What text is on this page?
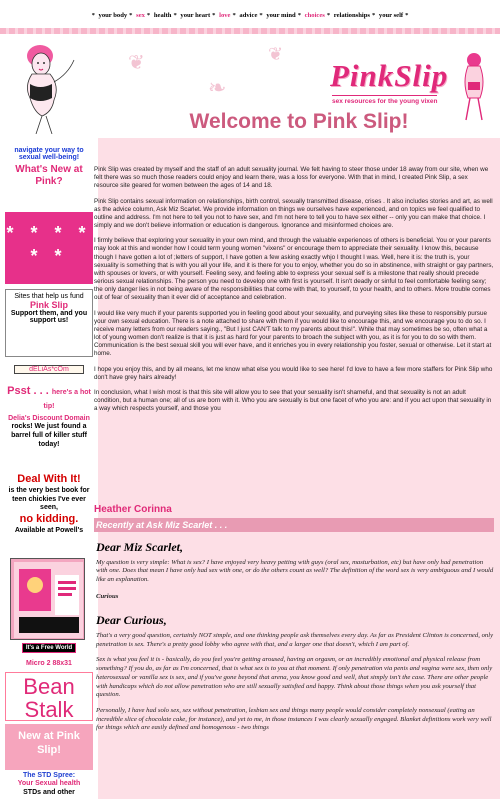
* your body * sex * health * your heart * love * advice * your mind * choices * relationships * your self *
navigate your way to sexual well-being!
What's New at Pink?
* * * *
* *
Sites that help us fund
Pink Slip
Support them, and you support us!
dELiAs*cOm
Psst . . . here's a hot tip!
Delia's Discount Domain rocks! We just found a barrel full of killer stuff today!
Deal With It!
is the very best book for teen chickies I've ever seen,
no kidding.
Available at Powell's
It's a Free World
Micro 2 88x31
Bean Stalk
New at Pink Slip!
The STD Spree:
Your Sexual health
STDs and other
❦
❧
❦
PinkSlip
sex resources for the young vixen
Welcome to Pink Slip!

Pink Slip was created by myself and the staff of an adult sexuality journal. We felt having to steer those under 18 away from our site, when we felt there was so much those readers could enjoy and learn there, was a loss for everyone. With that in mind, I created Pink Slip, a sex resource site geared for women between the ages of 14 and 18.

Pink Slip contains sexual information on relationships, birth control, sexually transmitted disease, crises . It also includes stories and art, as well as the advice column, Ask Miz Scarlet. We provide information on things we ourselves have experienced, and on topics we feel qualified to outline and address. I'm not here to tell you not to have sex, and I'm not here to tell you to have sex either -- only you can make that choice. I simply and we don't believe information or education is dangerous. Ignorance and misinformed choices are.

I firmly believe that exploring your sexuality in your own mind, and through the valuable experiences of others is beneficial. You or your parents may look at this and wonder how I could term young women "vixens" or encourage them to appreciate their sexuality. I know this, because though I have gotten a lot of ;letters of support, I have gotten a few asking exactly whjo I thought I was. Well, here it is: the truth is, your sexuality is something that is with you all your life, and it is there for you to enjoy, whether you do so in abstinence, with straight or gay partners, with spouses or lovers, or with yourself. Feeling sexy, and feeling able to express your sexual self is a milestone that really should precede serious sexual relationships. The person you need to develop one with first is yourself. It isn't deadly or sinful to feel comfortable feeling sexy; the only danger lies in not being aware of the responsibilities that come with that, to yourself, to your health, and to others. More trouble comes out of fear of sexuality than it ever did of acceptance and celebration.

I would like very much if your parents supported you in feeling good about your sexuality, and purveying sites like these to responsibly pursue your own sexual education. There is a note attached to share with them if you would like to encourage this, and we encourage you to do so. I receive many letters from our readers saying., "But I just CAN'T talk to my parents about this!". While that may sometimes be so, often what a lot of young women don't realize is that it is just as hard for your parents to broach the subject with you, as it is for you to do so with them. Communication is the best sexual skill you will ever have, and it enriches you in every relationship you foster, sexual or otherwise. Let it start at home.

I hope you enjoy this, and by all means, let me know what else you would like to see here! I'd love to have a few more staffers for Pink Slip who don't have grey hairs already!

In conclusion, what I wish most is that this site will allow you to see that your sexuality isn't shameful, and that sexuality is not an adult condition, but a human one; all of us are born with it. Who you are sexually is but one facet of who you are: and if you act upon that sexuality in a way which respects yourself, and those you

Heather Corinna
Recently at Ask Miz Scarlet . . .
Dear Miz Scarlet,

My question is very simple: What is sex? I have enjoyed very heavy petting with guys (oral sex, masturbation, etc) but have only had penetration with one. Does that mean I have only had sex with one, or do the others count as well? The definition of the word sex is very ambiguous and I would like an explanation.

Curious

Dear Curious,

That's a very good question, certainly NOT simple, and one thinking people ask themselves every day. As far as President Clinton is concerned, only penetration is sex. There's a pretty good lobby who agree with that, and a larger one that doesn't, which I am part of.

Sex is what you feel it is - basically, do you feel you're getting aroused, having an orgasm, or an incredibly emotional and physical release from something? If you do, as far as I'm concerned, that is what sex is to you at that moment. If only penetration via penis and vagina were sex, then only heterosexual or vanilla sex is sex, and if you've gone beyond that arena, you know good and well, that simply isn't the case. There are other people with handicaps which do not allow penetration who are still sexually satisfied and happy. Think about those things when you ask yourself that question.

Personally, I have had solo sex, sex without penetration, lesbian sex and things many people would consider completely nonsexual (eating an incredible slice of chocolate cake, for instance), and yet to me, in those instances I was clearly sexually engaged. Blanket definitions work very well for things which are easily defined and homogenous - two things
